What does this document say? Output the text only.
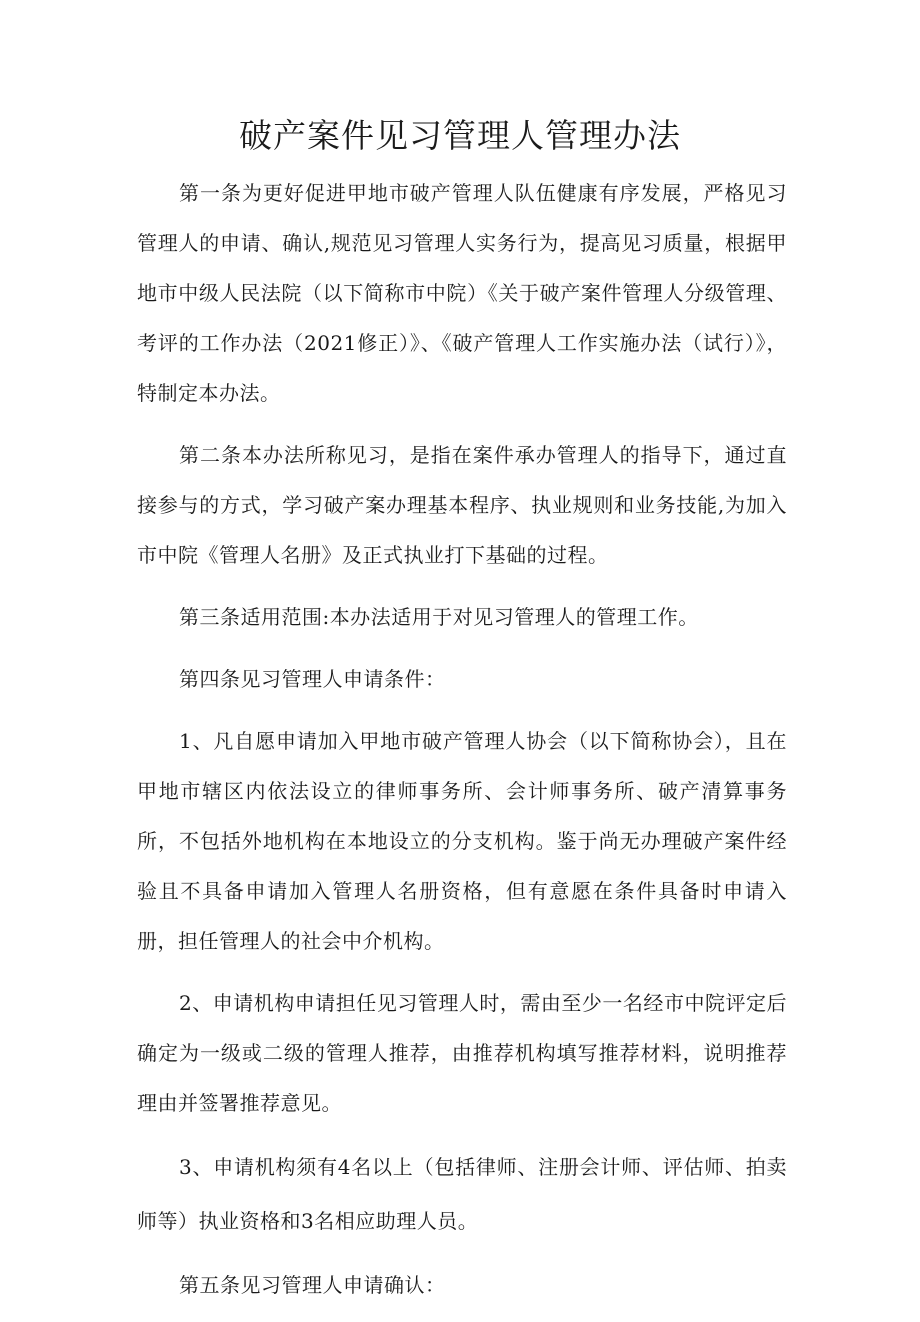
破产案件见习管理人管理办法

第一条为更好促进甲地市破产管理人队伍健康有序发展，严格见习管理人的申请、确认,规范见习管理人实务行为，提高见习质量，根据甲地市中级人民法院（以下简称市中院）《关于破产案件管理人分级管理、考评的工作办法（2021修正）》、《破产管理人工作实施办法（试行）》，特制定本办法。

第二条本办法所称见习，是指在案件承办管理人的指导下，通过直接参与的方式，学习破产案办理基本程序、执业规则和业务技能,为加入市中院《管理人名册》及正式执业打下基础的过程。

第三条适用范围:本办法适用于对见习管理人的管理工作。

第四条见习管理人申请条件：

1、凡自愿申请加入甲地市破产管理人协会（以下简称协会），且在甲地市辖区内依法设立的律师事务所、会计师事务所、破产清算事务所，不包括外地机构在本地设立的分支机构。鉴于尚无办理破产案件经验且不具备申请加入管理人名册资格，但有意愿在条件具备时申请入册，担任管理人的社会中介机构。

2、申请机构申请担任见习管理人时，需由至少一名经市中院评定后确定为一级或二级的管理人推荐，由推荐机构填写推荐材料，说明推荐理由并签署推荐意见。

3、申请机构须有4名以上（包括律师、注册会计师、评估师、拍卖师等）执业资格和3名相应助理人员。

第五条见习管理人申请确认：
